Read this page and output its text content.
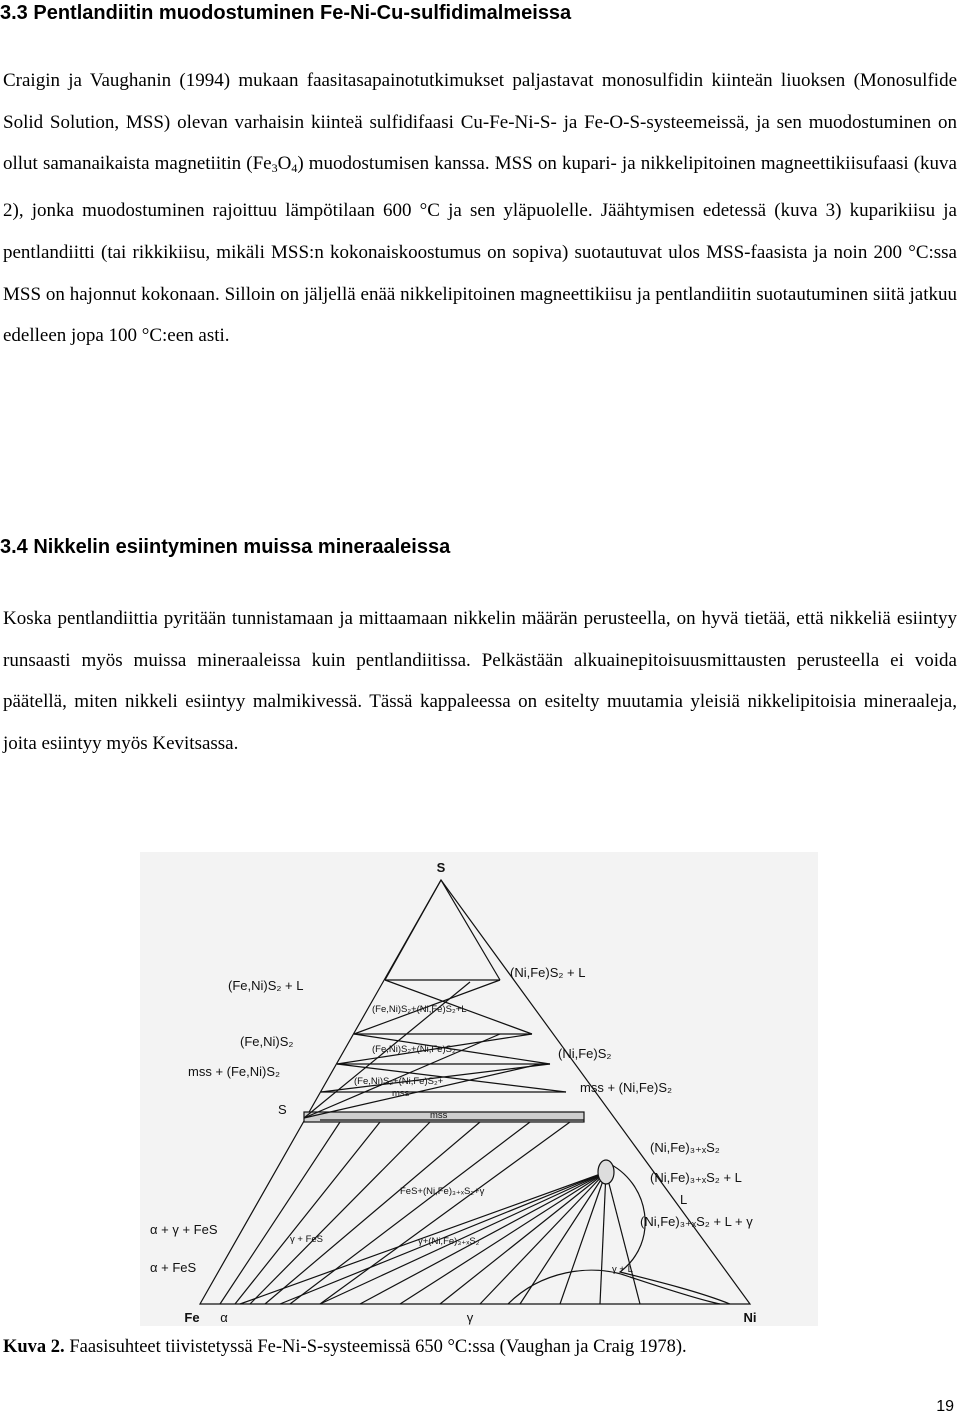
3.3 Pentlandiitin muodostuminen Fe-Ni-Cu-sulfidimalmeissa

Craigin ja Vaughanin (1994) mukaan faasitasapainotutkimukset paljastavat monosulfidin kiinteän liuoksen (Monosulfide Solid Solution, MSS) olevan varhaisin kiinteä sulfidifaasi Cu-Fe-Ni-S- ja Fe-O-S-systeemeissä, ja sen muodostuminen on ollut samanaikaista magnetiitin $(Fe_3O_4)$ muodostumisen kanssa. MSS on kupari- ja nikkelipitoinen magneettikiisufaasi (kuva 2), jonka muodostuminen rajoittuu lämpötilaan 600 °C ja sen yläpuolelle. Jäähtymisen edetessä (kuva 3) kuparikiisu ja pentlandiitti (tai rikkikiisu, mikäli MSS:n kokonaiskoostumus on sopiva) suotautuvat ulos MSS-faasista ja noin 200 °C:ssa MSS on hajonnut kokonaan. Silloin on jäljellä enää nikkelipitoinen magneettikiisu ja pentlandiitin suotautuminen siitä jatkuu edelleen jopa 100 °C:een asti.

3.4 Nikkelin esiintyminen muissa mineraaleissa

Koska pentlandiittia pyritään tunnistamaan ja mittaamaan nikkelin määrän perusteella, on hyvä tietää, että nikkeliä esiintyy runsaasti myös muissa mineraaleissa kuin pentlandiitissa. Pelkästään alkuainepitoisuusmittausten perusteella ei voida päätellä, miten nikkeli esiintyy malmikivessä. Tässä kappaleessa on esitelty muutamia yleisiä nikkelipitoisia mineraaleja, joita esiintyy myös Kevitsassa.

S
Fe α	γ	Ni
(Fe,Ni)S₂ + L
(Fe,Ni)S₂
mss + (Fe,Ni)S₂
S
α + γ + FeS
α + FeS
(Ni,Fe)S₂ + L
(Ni,Fe)S₂
mss + (Ni,Fe)S₂
(Ni,Fe)₃₊ₓS₂
(Ni,Fe)₃₊ₓS₂ + L
L
(Ni,Fe)₃₊ₓS₂ + L + γ
(Fe,Ni)S₂+(Ni,Fe)S₂+L
(Fe,Ni)S₂+(Ni,Fe)S₂
(Fe,Ni)S₂+(Ni,Fe)S₂+
mss
mss
FeS+(Ni,Fe)₃₊ₓS₂+γ
γ + FeS	γ+(Ni,Fe)₃₊ₓS₂
γ + L

Kuva 2. Faasisuhteet tiivistetyssä Fe-Ni-S-systeemissä 650 °C:ssa (Vaughan ja Craig 1978).

19
